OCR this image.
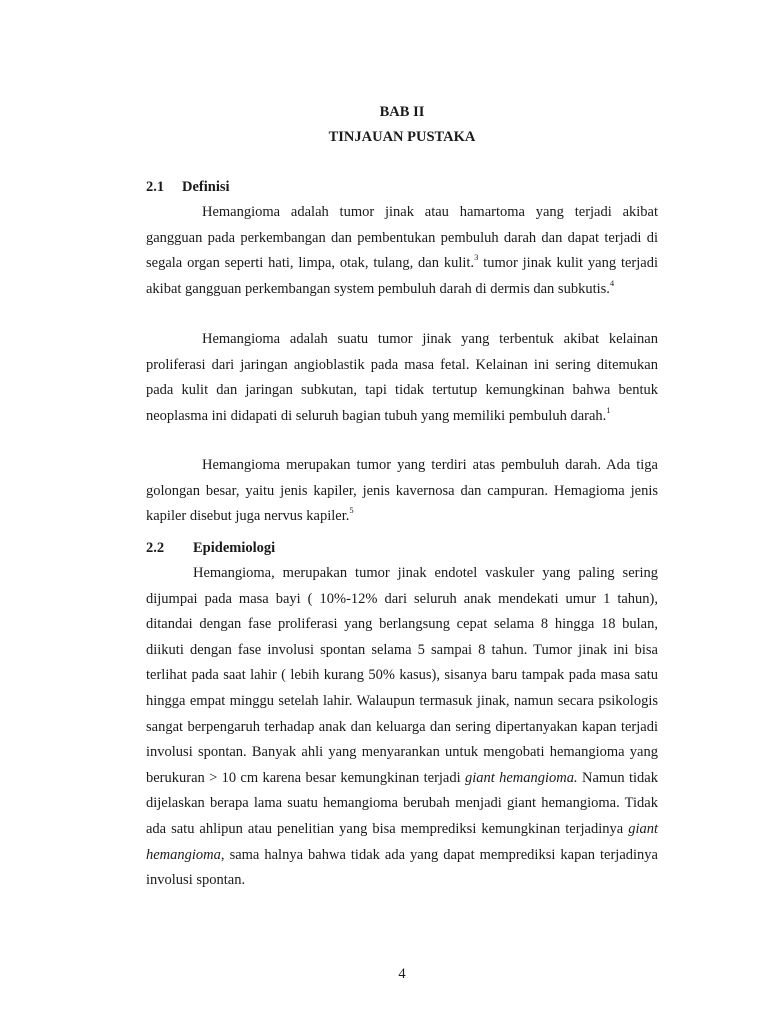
BAB II
TINJAUAN PUSTAKA
2.1 Definisi

Hemangioma adalah tumor jinak atau hamartoma yang terjadi akibat gangguan pada perkembangan dan pembentukan pembuluh darah dan dapat terjadi di segala organ seperti hati, limpa, otak, tulang, dan kulit.$^3$ tumor jinak kulit yang terjadi akibat gangguan perkembangan system pembuluh darah di dermis dan subkutis.$^4$

Hemangioma adalah suatu tumor jinak yang terbentuk akibat kelainan proliferasi dari jaringan angioblastik pada masa fetal. Kelainan ini sering ditemukan pada kulit dan jaringan subkutan, tapi tidak tertutup kemungkinan bahwa bentuk neoplasma ini didapati di seluruh bagian tubuh yang memiliki pembuluh darah.$^1$

Hemangioma merupakan tumor yang terdiri atas pembuluh darah. Ada tiga golongan besar, yaitu jenis kapiler, jenis kavernosa dan campuran. Hemagioma jenis kapiler disebut juga nervus kapiler.$^5$

2.2 Epidemiologi

Hemangioma, merupakan tumor jinak endotel vaskuler yang paling sering dijumpai pada masa bayi ( 10%-12% dari seluruh anak mendekati umur 1 tahun), ditandai dengan fase proliferasi yang berlangsung cepat selama 8 hingga 18 bulan, diikuti dengan fase involusi spontan selama 5 sampai 8 tahun. Tumor jinak ini bisa terlihat pada saat lahir ( lebih kurang 50% kasus), sisanya baru tampak pada masa satu hingga empat minggu setelah lahir. Walaupun termasuk jinak, namun secara psikologis sangat berpengaruh terhadap anak dan keluarga dan sering dipertanyakan kapan terjadi involusi spontan. Banyak ahli yang menyarankan untuk mengobati hemangioma yang berukuran > 10 cm karena besar kemungkinan terjadi giant hemangioma. Namun tidak dijelaskan berapa lama suatu hemangioma berubah menjadi giant hemangioma. Tidak ada satu ahlipun atau penelitian yang bisa memprediksi kemungkinan terjadinya giant hemangioma, sama halnya bahwa tidak ada yang dapat memprediksi kapan terjadinya involusi spontan.

4
